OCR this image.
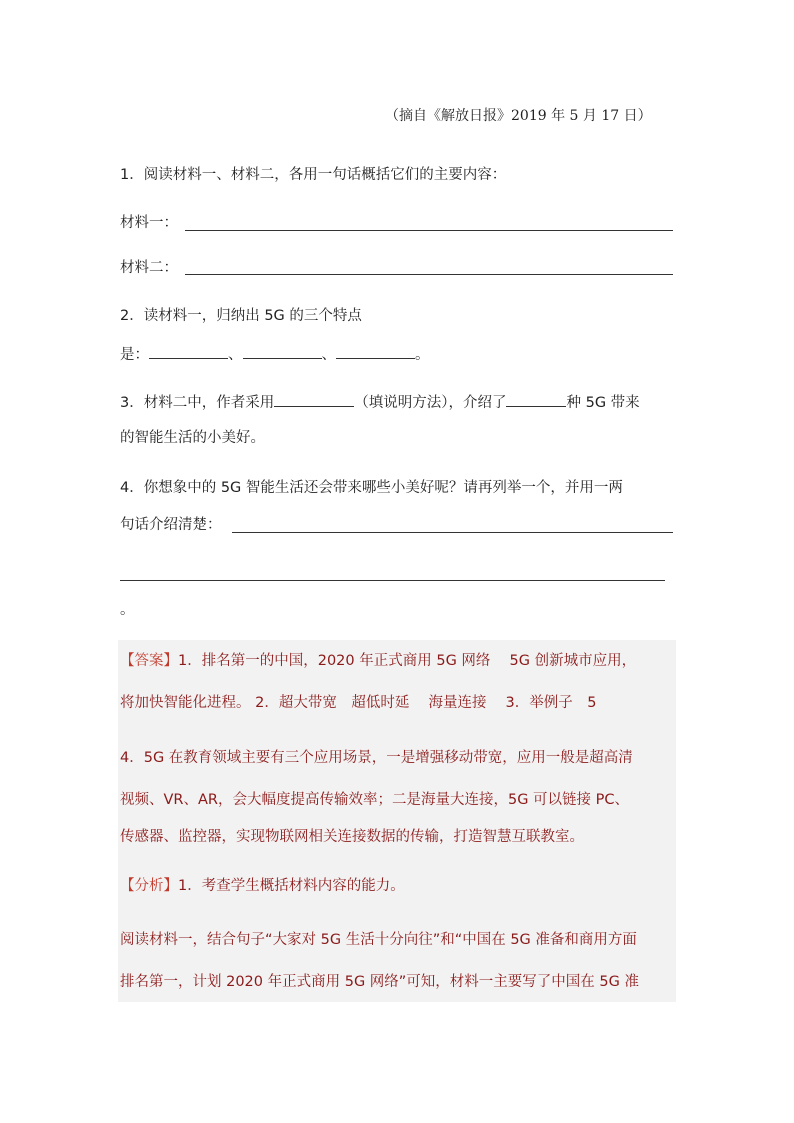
（摘自《解放日报》2019 年 5 月 17 日）
1．阅读材料一、材料二，各用一句话概括它们的主要内容：
材料一：
材料二：
2．读材料一，归纳出 5G 的三个特点
是：	、	、	。
3．材料二中，作者采用	（填说明方法），介绍了	种 5G 带来
的智能生活的小美好。
4．你想象中的 5G 智能生活还会带来哪些小美好呢？请再列举一个，并用一两
句话介绍清楚：
。
【答案】1．排名第一的中国，2020 年正式商用 5G 网络　 5G 创新城市应用，
将加快智能化进程。 2．超大带宽　超低时延　 海量连接　 3．举例子　5
4．5G 在教育领域主要有三个应用场景，一是增强移动带宽，应用一般是超高清
视频、VR、AR，会大幅度提高传输效率；二是海量大连接，5G 可以链接 PC、
传感器、监控器，实现物联网相关连接数据的传输，打造智慧互联教室。
【分析】1．考查学生概括材料内容的能力。
阅读材料一，结合句子“大家对 5G 生活十分向往”和“中国在 5G 准备和商用方面
排名第一，计划 2020 年正式商用 5G 网络”可知，材料一主要写了中国在 5G 准
